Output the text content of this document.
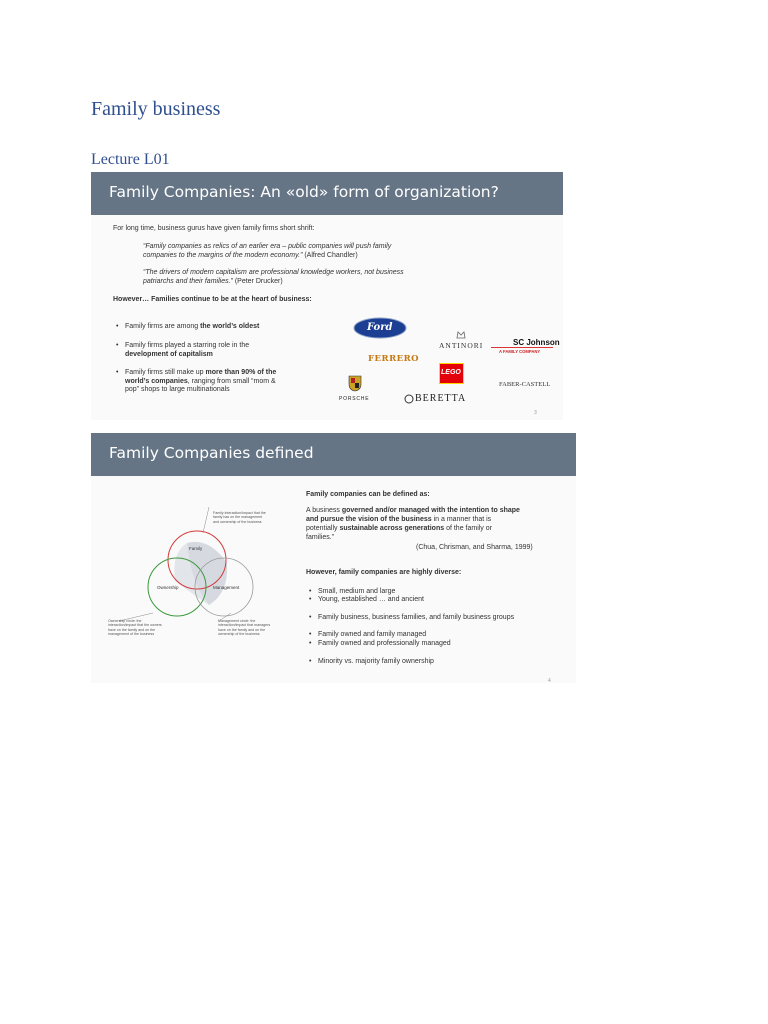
Family business
Lecture L01
Family Companies: An «old» form of organization?
For long time, business gurus have given family firms short shrift:
“Family companies as relics of an earlier era – public companies will push family
companies to the margins of the modern economy.” (Alfred Chandler)
“The drivers of modern capitalism are professional knowledge workers, not business
patriarchs and their families.” (Peter Drucker)
However… Families continue to be at the heart of business:
• Family firms are among the world’s oldest
• Family firms played a starring role in the
development of capitalism
• Family firms still make up more than 90% of the
world’s companies, ranging from small “mom &
pop” shops to large multinationals
Ford
ANTINORI	SC Johnson
A FAMILY COMPANY
FERRERO
LEGO
FABER-CASTELL
PORSCHE	BERETTA
3
Family Companies defined
Family
Ownership	Management
Family interaction/impact that the family has on the management and ownership of the business
Ownership circle: the interaction/impact that the owners have on the family and on the management of the business
Management circle: the interaction/impact that managers have on the family and on the ownership of the business
Family companies can be defined as:
A business governed and/or managed with the intention to shape
and pursue the vision of the business in a manner that is
potentially sustainable across generations of the family or
families.”
(Chua, Chrisman, and Sharma, 1999)
However, family companies are highly diverse:
• Small, medium and large
• Young, established … and ancient
• Family business, business families, and family business groups
• Family owned and family managed
• Family owned and professionally managed
• Minority vs. majority family ownership
4
